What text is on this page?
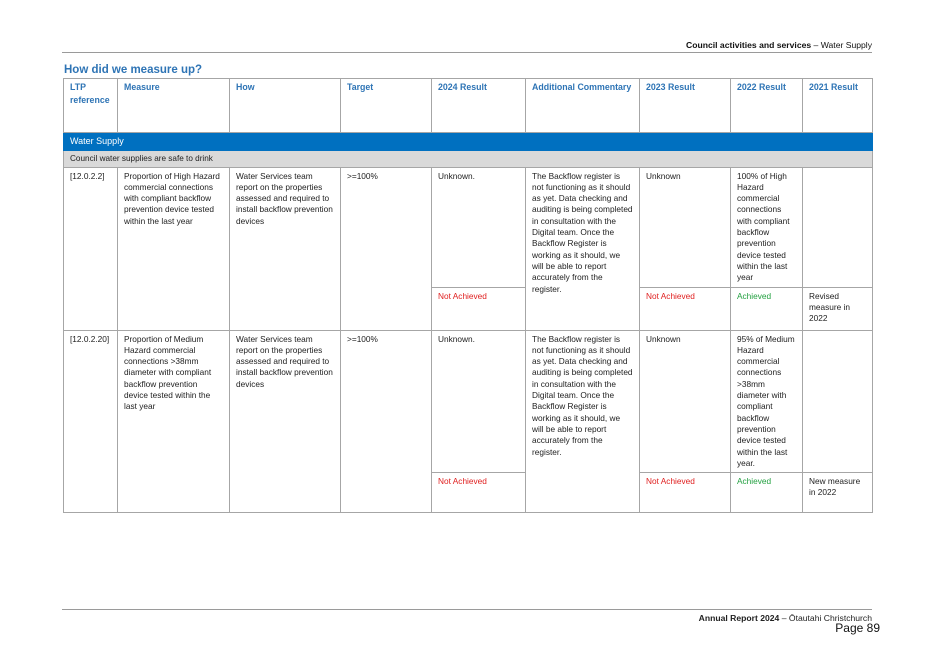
Council activities and services – Water Supply
How did we measure up?
LTP reference	Measure	How	Target	2024 Result	Additional Commentary	2023 Result	2022 Result	2021 Result
Water Supply								
Council water supplies are safe to drink								
[12.0.2.2]	Proportion of High Hazard commercial connections with compliant backflow prevention device tested within the last year	Water Services team report on the properties assessed and required to install backflow prevention devices	>=100%	Unknown.	The Backflow register is not functioning as it should as yet. Data checking and auditing is being completed in consultation with the Digital team. Once the Backflow Register is working as it should, we will be able to report accurately from the register.	Unknown	100% of High Hazard commercial connections with compliant backflow prevention device tested within the last year	
				Not Achieved		Not Achieved	Achieved	Revised measure in 2022
[12.0.2.20]	Proportion of Medium Hazard commercial connections >38mm diameter with compliant backflow prevention device tested within the last year	Water Services team report on the properties assessed and required to install backflow prevention devices	>=100%	Unknown.	The Backflow register is not functioning as it should as yet. Data checking and auditing is being completed in consultation with the Digital team. Once the Backflow Register is working as it should, we will be able to report accurately from the register.	Unknown	95% of Medium Hazard commercial connections >38mm diameter with compliant backflow prevention device tested within the last year.	
				Not Achieved		Not Achieved	Achieved	New measure in 2022
Annual Report 2024 – Ōtautahi Christchurch
Page 89
